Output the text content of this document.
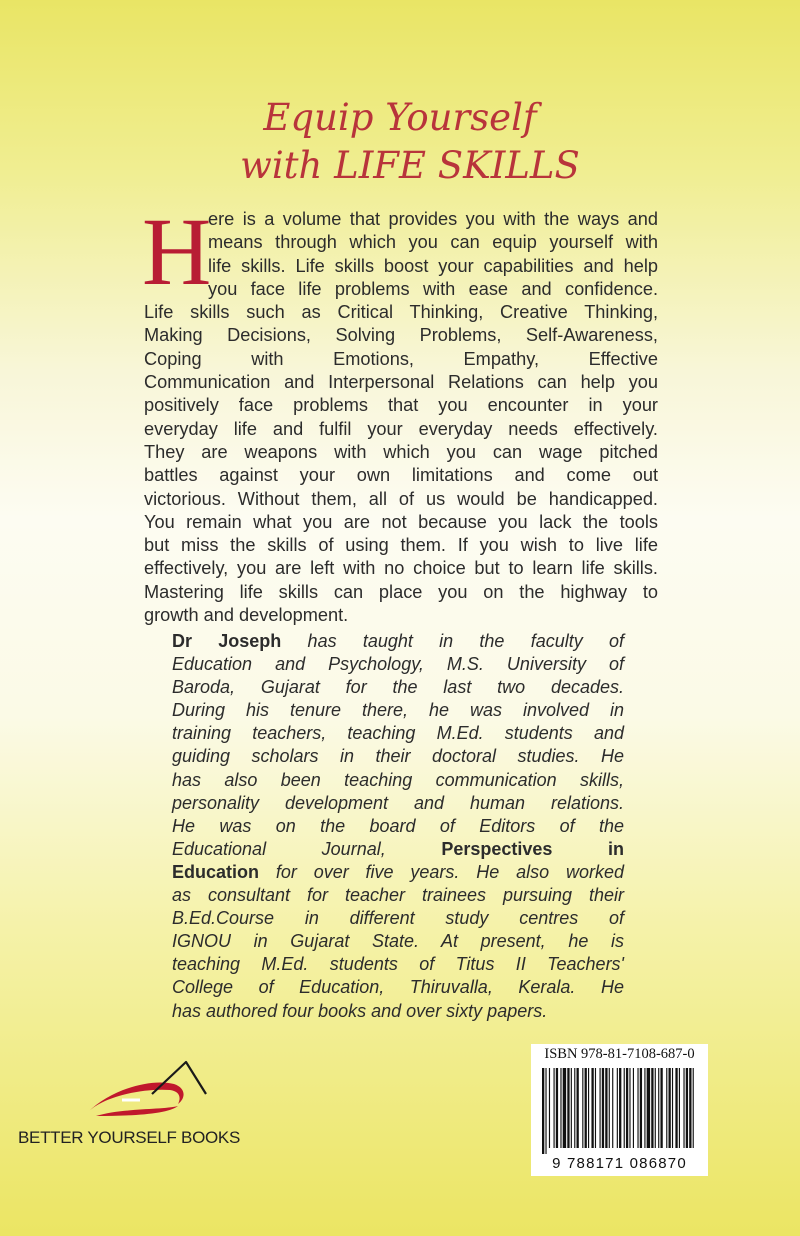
Equip Yourself
with LIFE SKILLS
H
ere is a volume that provides you with the ways and
means through which you can equip yourself with
life skills. Life skills boost your capabilities and help
you face life problems with ease and confidence.
Life skills such as Critical Thinking, Creative Thinking,
Making Decisions, Solving Problems, Self-Awareness,
Coping with Emotions, Empathy, Effective
Communication and Interpersonal Relations can help you
positively face problems that you encounter in your
everyday life and fulfil your everyday needs effectively.
They are weapons with which you can wage pitched
battles against your own limitations and come out
victorious. Without them, all of us would be handicapped.
You remain what you are not because you lack the tools
but miss the skills of using them. If you wish to live life
effectively, you are left with no choice but to learn life skills.
Mastering life skills can place you on the highway to
growth and development.
Dr Joseph has taught in the faculty of
Education and Psychology, M.S. University of
Baroda, Gujarat for the last two decades.
During his tenure there, he was involved in
training teachers, teaching M.Ed. students and
guiding scholars in their doctoral studies. He
has also been teaching communication skills,
personality development and human relations.
He was on the board of Editors of the
Educational Journal, Perspectives in
Education for over five years. He also worked
as consultant for teacher trainees pursuing their
B.Ed.Course in different study centres of
IGNOU in Gujarat State. At present, he is
teaching M.Ed. students of Titus II Teachers'
College of Education, Thiruvalla, Kerala. He
has authored four books and over sixty papers.
BETTER YOURSELF BOOKS
ISBN 978-81-7108-687-0
9 788171 086870
